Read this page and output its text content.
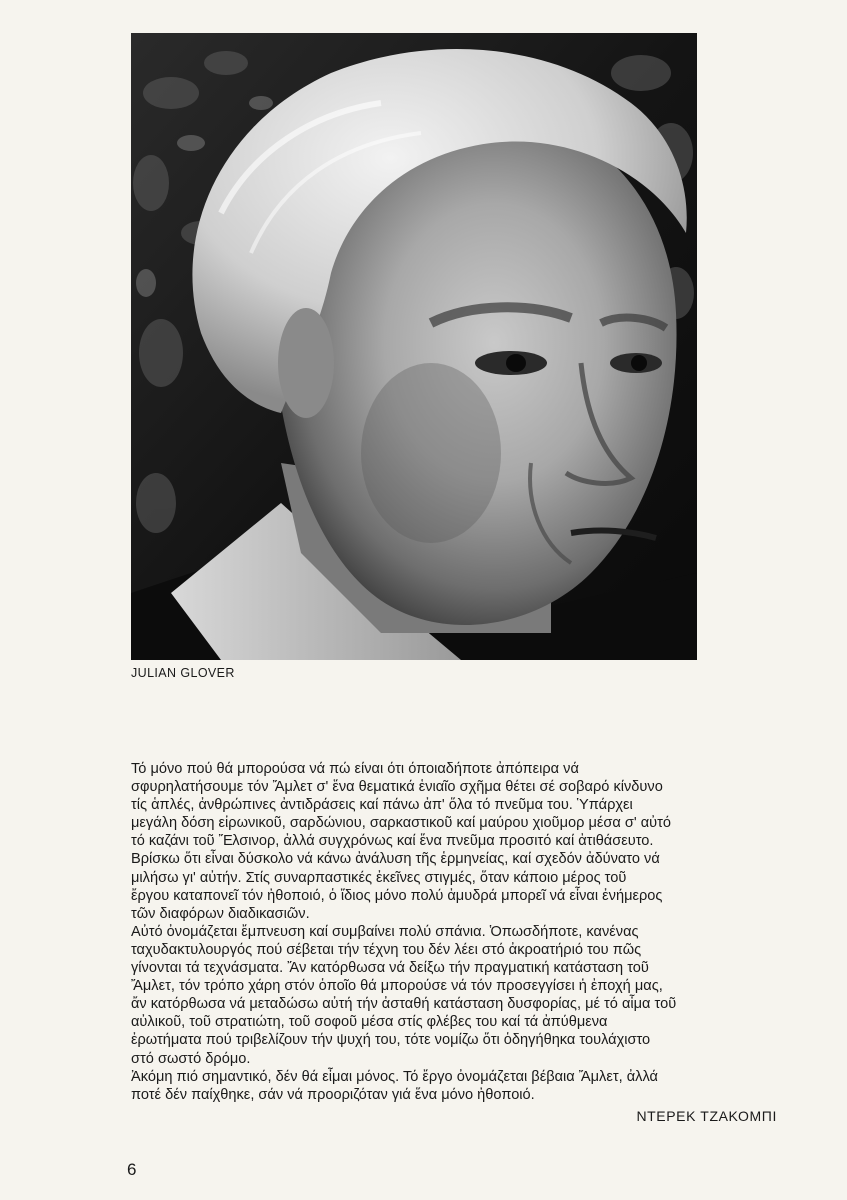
JULIAN GLOVER
Τό μόνο πού θά μπορούσα νά πώ είναι ότι όποιαδήποτε ἀπόπειρα νά
σφυρηλατήσουμε τόν Ἄμλετ σ' ἕνα θεματικά ἑνιαῖο σχῆμα θέτει σέ σοβαρό κίνδυνο
τίς ἁπλές, ἀνθρώπινες ἀντιδράσεις καί πάνω ἀπ' ὅλα τό πνεῦμα του. Ὑπάρχει
μεγάλη δόση εἰρωνικοῦ, σαρδώνιου, σαρκαστικοῦ καί μαύρου χιοῦμορ μέσα σ' αὐτό
τό καζάνι τοῦ Ἔλσινορ, ἀλλά συγχρόνως καί ἕνα πνεῦμα προσιτό καί ἀτιθάσευτο.
Βρίσκω ὅτι εἶναι δύσκολο νά κάνω ἀνάλυση τῆς ἑρμηνείας, καί σχεδόν ἀδύνατο νά
μιλήσω γι' αὐτήν. Στίς συναρπαστικές ἐκεῖνες στιγμές, ὅταν κάποιο μέρος τοῦ
ἔργου καταπονεῖ τόν ἠθοποιό, ὁ ἴδιος μόνο πολύ ἀμυδρά μπορεῖ νά εἶναι ἐνήμερος
τῶν διαφόρων διαδικασιῶν.
Αὐτό ὀνομάζεται ἔμπνευση καί συμβαίνει πολύ σπάνια. Ὁπωσδήποτε, κανένας
ταχυδακτυλουργός πού σέβεται τήν τέχνη του δέν λέει στό ἀκροατήριό του πῶς
γίνονται τά τεχνάσματα. Ἄν κατόρθωσα νά δείξω τήν πραγματική κατάσταση τοῦ
Ἄμλετ, τόν τρόπο χάρη στόν ὁποῖο θά μπορούσε νά τόν προσεγγίσει ἡ ἐποχή μας,
ἄν κατόρθωσα νά μεταδώσω αὐτή τήν ἀσταθή κατάσταση δυσφορίας, μέ τό αἷμα τοῦ
αὐλικοῦ, τοῦ στρατιώτη, τοῦ σοφοῦ μέσα στίς φλέβες του καί τά ἀπύθμενα
ἐρωτήματα πού τριβελίζουν τήν ψυχή του, τότε νομίζω ὅτι ὁδηγήθηκα τουλάχιστο
στό σωστό δρόμο.
Ἀκόμη πιό σημαντικό, δέν θά εἶμαι μόνος. Τό ἔργο ὀνομάζεται βέβαια Ἄμλετ, ἀλλά
ποτέ δέν παίχθηκε, σάν νά προοριζόταν γιά ἕνα μόνο ἠθοποιό.
ΝΤΕΡΕΚ ΤΖΑΚΟΜΠΙ
6
